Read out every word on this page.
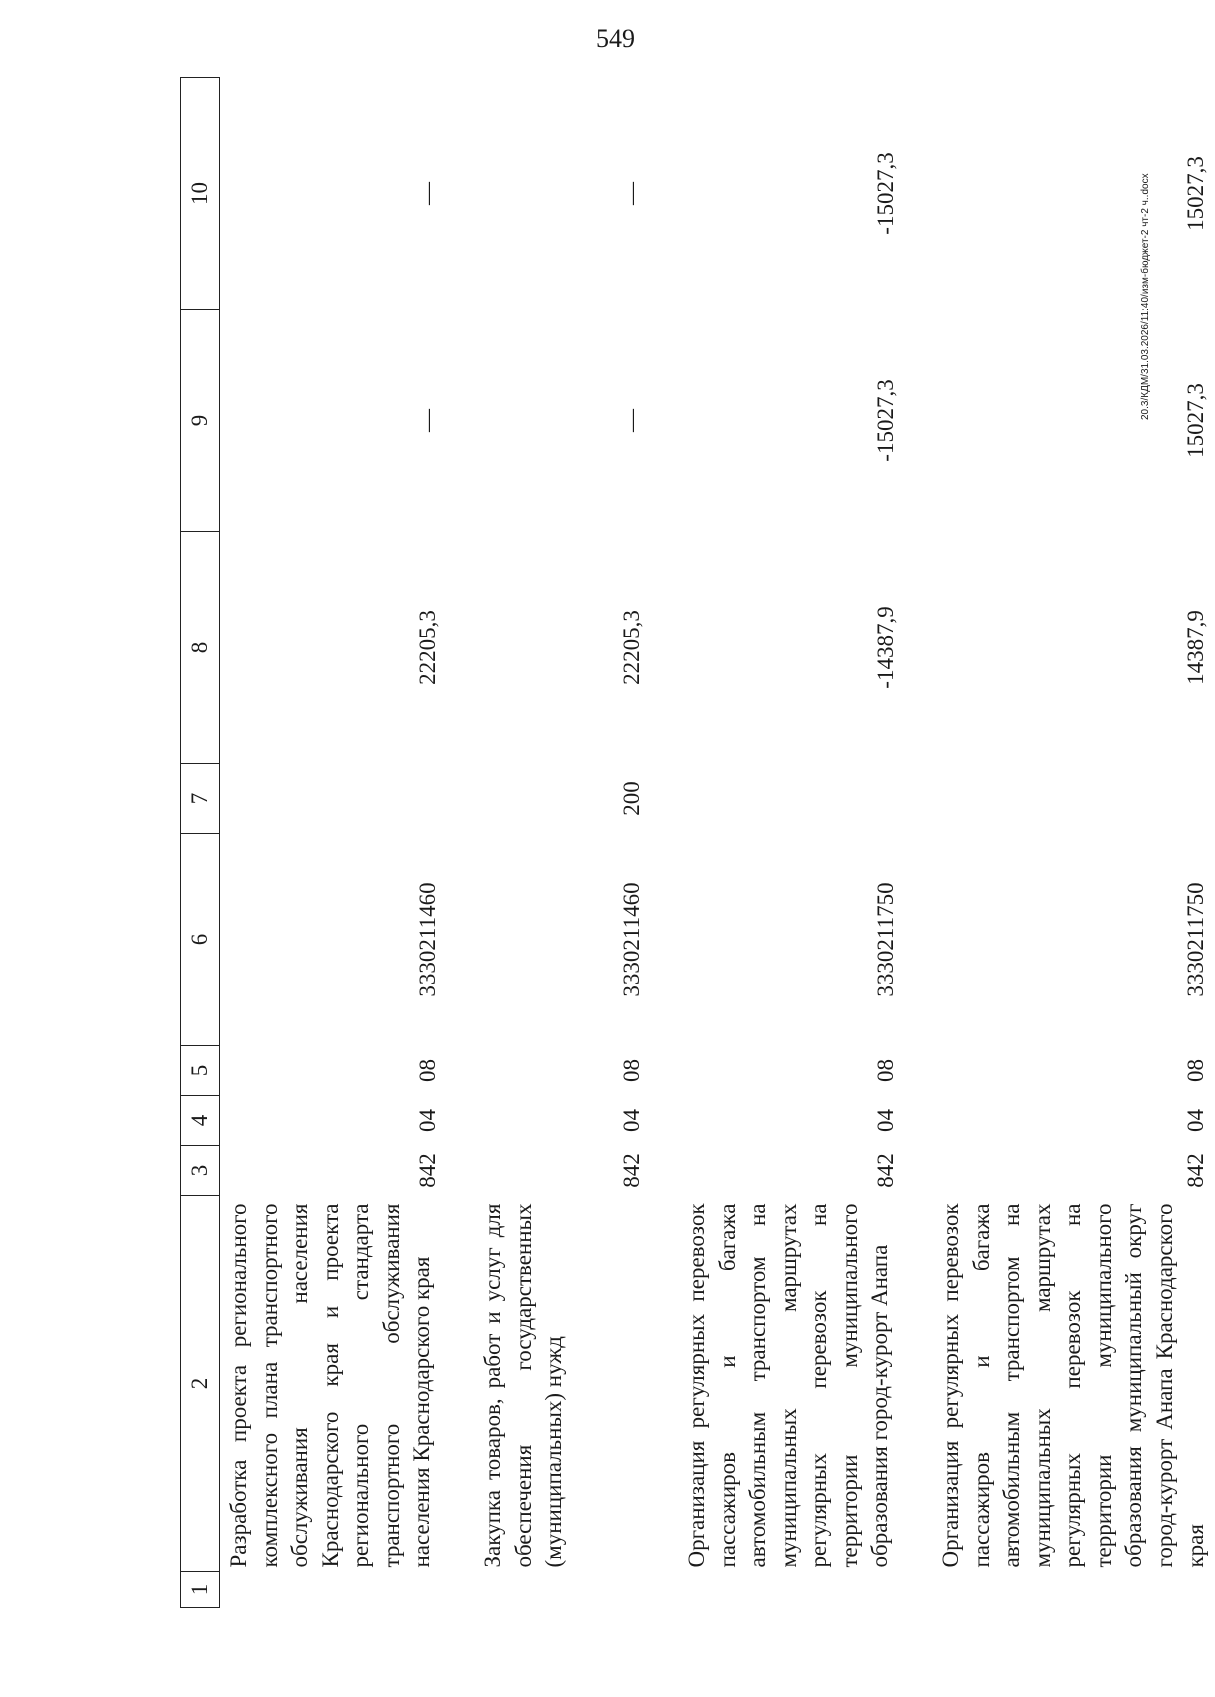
549
20.3/КДМ/31.03.2026/11:40/изм-бюджет-2 чт-2 ч..docx
1	2	3	4	5	6	7	8	9	10
	Разработка проекта регионального комплексного плана транспортного обслуживания населения Краснодарского края и проекта регионального стандарта транспортного обслуживания населения Краснодарского края	842	04	08	3330211460		22205,3	—	—

	Закупка товаров, работ и услуг для обеспечения государственных (муниципальных) нужд	842	04	08	3330211460	200	22205,3	—	—

	Организация регулярных перевозок пассажиров и багажа автомобильным транспортом на муниципальных маршрутах регулярных перевозок на территории муниципального образования город-курорт Анапа	842	04	08	3330211750		-14387,9	-15027,3	-15027,3

	Организация регулярных перевозок пассажиров и багажа автомобильным транспортом на муниципальных маршрутах регулярных перевозок на территории муниципального образования муниципальный округ город-курорт Анапа Краснодарского края	842	04	08	3330211750		14387,9	15027,3	15027,3
